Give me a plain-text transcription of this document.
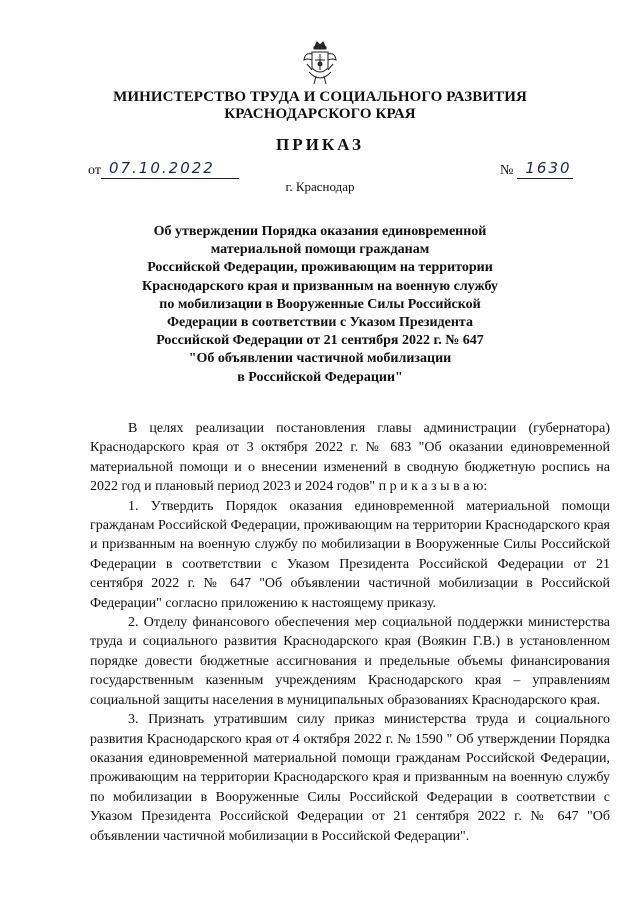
МИНИСТЕРСТВО ТРУДА И СОЦИАЛЬНОГО РАЗВИТИЯ
КРАСНОДАРСКОГО КРАЯ
ПРИКАЗ
от 07.10.2022	№ 1630
г. Краснодар
Об утверждении Порядка оказания единовременной
материальной помощи гражданам
Российской Федерации, проживающим на территории
Краснодарского края и призванным на военную службу
по мобилизации в Вооруженные Силы Российской
Федерации в соответствии с Указом Президента
Российской Федерации от 21 сентября 2022 г. № 647
"Об объявлении частичной мобилизации
в Российской Федерации"

В целях реализации постановления главы администрации (губернатора) Краснодарского края от 3 октября 2022 г. № 683 "Об оказании единовременной материальной помощи и о внесении изменений в сводную бюджетную роспись на 2022 год и плановый период 2023 и 2024 годов" п р и к а з ы в а ю:

1. Утвердить Порядок оказания единовременной материальной помощи гражданам Российской Федерации, проживающим на территории Краснодарского края и призванным на военную службу по мобилизации в Вооруженные Силы Российской Федерации в соответствии с Указом Президента Российской Федерации от 21 сентября 2022 г. № 647 "Об объявлении частичной мобилизации в Российской Федерации" согласно приложению к настоящему приказу.

2. Отделу финансового обеспечения мер социальной поддержки министерства труда и социального развития Краснодарского края (Воякин Г.В.) в установленном порядке довести бюджетные ассигнования и предельные объемы финансирования государственным казенным учреждениям Краснодарского края – управлениям социальной защиты населения в муниципальных образованиях Краснодарского края.

3. Признать утратившим силу приказ министерства труда и социального развития Краснодарского края от 4 октября 2022 г. № 1590 " Об утверждении Порядка оказания единовременной материальной помощи гражданам Российской Федерации, проживающим на территории Краснодарского края и призванным на военную службу по мобилизации в Вооруженные Силы Российской Федерации в соответствии с Указом Президента Российской Федерации от 21 сентября 2022 г. № 647 "Об объявлении частичной мобилизации в Российской Федерации".
